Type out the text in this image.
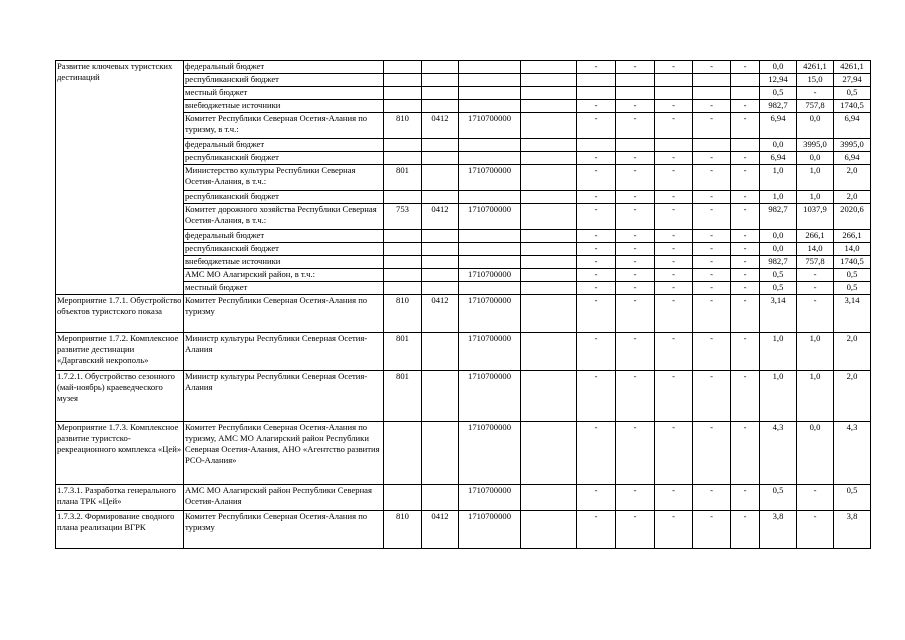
Развитие ключевых туристских дестинаций	федеральный бюджет					-	-	-	-	-	0,0	4261,1	4261,1
	республиканский бюджет										12,94	15,0	27,94
	местный бюджет										0,5	-	0,5
	внебюджетные источники					-	-	-	-	-	982,7	757,8	1740,5
	Комитет Республики Северная Осетия-Алания по туризму, в т.ч.:	810	0412	1710700000		-	-	-	-	-	6,94	0,0	6,94
	федеральный бюджет										0,0	3995,0	3995,0
	республиканский бюджет					-	-	-	-	-	6,94	0,0	6,94
	Министерство культуры Республики Северная Осетия-Алания, в т.ч.:	801		1710700000		-	-	-	-	-	1,0	1,0	2,0
	республиканский бюджет					-	-	-	-	-	1,0	1,0	2,0
	Комитет дорожного хозяйства Республики Северная Осетия-Алания, в т.ч.:	753	0412	1710700000		-	-	-	-	-	982,7	1037,9	2020,6
	федеральный бюджет					-	-	-	-	-	0,0	266,1	266,1
	республиканский бюджет					-	-	-	-	-	0,0	14,0	14,0
	внебюджетные источники					-	-	-	-	-	982,7	757,8	1740,5
	АМС МО Алагирский район, в т.ч.:			1710700000		-	-	-	-	-	0,5	-	0,5
	местный бюджет					-	-	-	-	-	0,5	-	0,5
Мероприятие 1.7.1. Обустройство объектов туристского показа	Комитет Республики Северная Осетия-Алания по туризму	810	0412	1710700000		-	-	-	-	-	3,14	-	3,14
Мероприятие 1.7.2. Комплексное развитие дестинации «Даргавский некрополь»	Министр культуры Республики Северная Осетия-Алания	801		1710700000		-	-	-	-	-	1,0	1,0	2,0
1.7.2.1. Обустройство сезонного (май-ноябрь) краеведческого музея	Министр культуры Республики Северная Осетия-Алания	801		1710700000		-	-	-	-	-	1,0	1,0	2,0
Мероприятие 1.7.3. Комплексное развитие туристско-рекреационного комплекса «Цей»	Комитет Республики Северная Осетия-Алания по туризму, АМС МО Алагирский район Республики Северная Осетия-Алания, АНО «Агентство развития РСО-Алания»			1710700000		-	-	-	-	-	4,3	0,0	4,3
1.7.3.1. Разработка генерального плана ТРК «Цей»	АМС МО Алагирский район Республики Северная Осетия-Алания			1710700000		-	-	-	-	-	0,5	-	0,5
1.7.3.2. Формирование сводного плана реализации ВГРК	Комитет Республики Северная Осетия-Алания по туризму	810	0412	1710700000		-	-	-	-	-	3,8	-	3,8
